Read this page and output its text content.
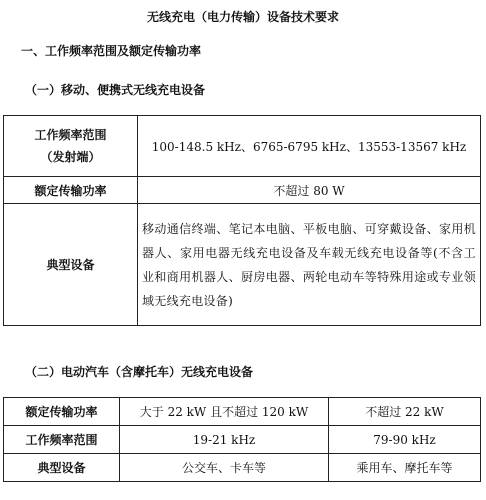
无线充电（电力传输）设备技术要求
一、工作频率范围及额定传输功率
（一）移动、便携式无线充电设备
工作频率范围
（发射端）	100-148.5 kHz、6765-6795 kHz、13553-13567 kHz
额定传输功率	不超过 80 W
典型设备	移动通信终端、笔记本电脑、平板电脑、可穿戴设备、家用机器人、家用电器无线充电设备及车载无线充电设备等(不含工业和商用机器人、厨房电器、两轮电动车等特殊用途或专业领域无线充电设备)
（二）电动汽车（含摩托车）无线充电设备
额定传输功率	大于 22 kW 且不超过 120 kW	不超过 22 kW
工作频率范围	19-21 kHz	79-90 kHz
典型设备	公交车、卡车等	乘用车、摩托车等
